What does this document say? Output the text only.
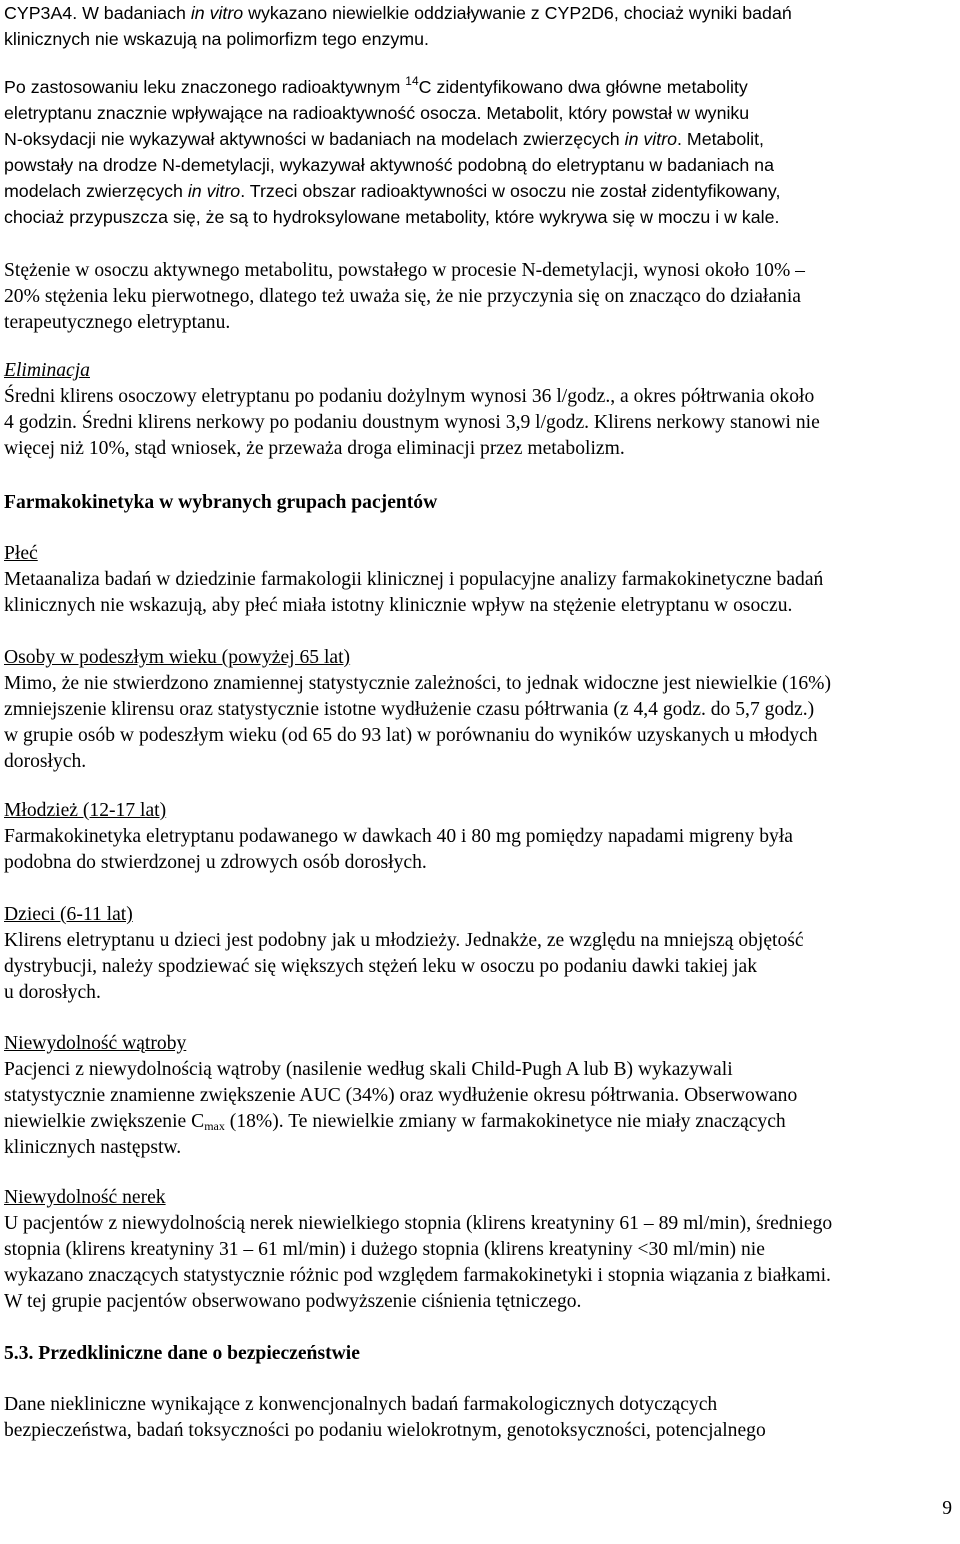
CYP3A4. W badaniach in vitro wykazano niewielkie oddziaływanie z CYP2D6, chociaż wyniki badań
klinicznych nie wskazują na polimorfizm tego enzymu.

Po zastosowaniu leku znaczonego radioaktywnym $^{14}$C zidentyfikowano dwa główne metabolity
eletryptanu znacznie wpływające na radioaktywność osocza. Metabolit, który powstał w wyniku
N-oksydacji nie wykazywał aktywności w badaniach na modelach zwierzęcych in vitro. Metabolit,
powstały na drodze N-demetylacji, wykazywał aktywność podobną do eletryptanu w badaniach na
modelach zwierzęcych in vitro. Trzeci obszar radioaktywności w osoczu nie został zidentyfikowany,
chociaż przypuszcza się, że są to hydroksylowane metabolity, które wykrywa się w moczu i w kale.

Stężenie w osoczu aktywnego metabolitu, powstałego w procesie N-demetylacji, wynosi około 10% –
20% stężenia leku pierwotnego, dlatego też uważa się, że nie przyczynia się on znacząco do działania
terapeutycznego eletryptanu.

Eliminacja
Średni klirens osoczowy eletryptanu po podaniu dożylnym wynosi 36 l/godz., a okres półtrwania około
4 godzin. Średni klirens nerkowy po podaniu doustnym wynosi 3,9 l/godz. Klirens nerkowy stanowi nie
więcej niż 10%, stąd wniosek, że przeważa droga eliminacji przez metabolizm.

Farmakokinetyka w wybranych grupach pacjentów

Płeć
Metaanaliza badań w dziedzinie farmakologii klinicznej i populacyjne analizy farmakokinetyczne badań
klinicznych nie wskazują, aby płeć miała istotny klinicznie wpływ na stężenie eletryptanu w osoczu.

Osoby w podeszłym wieku (powyżej 65 lat)
Mimo, że nie stwierdzono znamiennej statystycznie zależności, to jednak widoczne jest niewielkie (16%)
zmniejszenie klirensu oraz statystycznie istotne wydłużenie czasu półtrwania (z 4,4 godz. do 5,7 godz.)
w grupie osób w podeszłym wieku (od 65 do 93 lat) w porównaniu do wyników uzyskanych u młodych
dorosłych.

Młodzież (12-17 lat)
Farmakokinetyka eletryptanu podawanego w dawkach 40 i 80 mg pomiędzy napadami migreny była
podobna do stwierdzonej u zdrowych osób dorosłych.

Dzieci (6-11 lat)
Klirens eletryptanu u dzieci jest podobny jak u młodzieży. Jednakże, ze względu na mniejszą objętość
dystrybucji, należy spodziewać się większych stężeń leku w osoczu po podaniu dawki takiej jak
u dorosłych.

Niewydolność wątroby
Pacjenci z niewydolnością wątroby (nasilenie według skali Child-Pugh A lub B) wykazywali
statystycznie znamienne zwiększenie AUC (34%) oraz wydłużenie okresu półtrwania. Obserwowano
niewielkie zwiększenie $C_{max}$ (18%). Te niewielkie zmiany w farmakokinetyce nie miały znaczących
klinicznych następstw.

Niewydolność nerek
U pacjentów z niewydolnością nerek niewielkiego stopnia (klirens kreatyniny 61 – 89 ml/min), średniego
stopnia (klirens kreatyniny 31 – 61 ml/min) i dużego stopnia (klirens kreatyniny <30 ml/min) nie
wykazano znaczących statystycznie różnic pod względem farmakokinetyki i stopnia wiązania z białkami.
W tej grupie pacjentów obserwowano podwyższenie ciśnienia tętniczego.

5.3. Przedkliniczne dane o bezpieczeństwie

Dane niekliniczne wynikające z konwencjonalnych badań farmakologicznych dotyczących
bezpieczeństwa, badań toksyczności po podaniu wielokrotnym, genotoksyczności, potencjalnego

9
